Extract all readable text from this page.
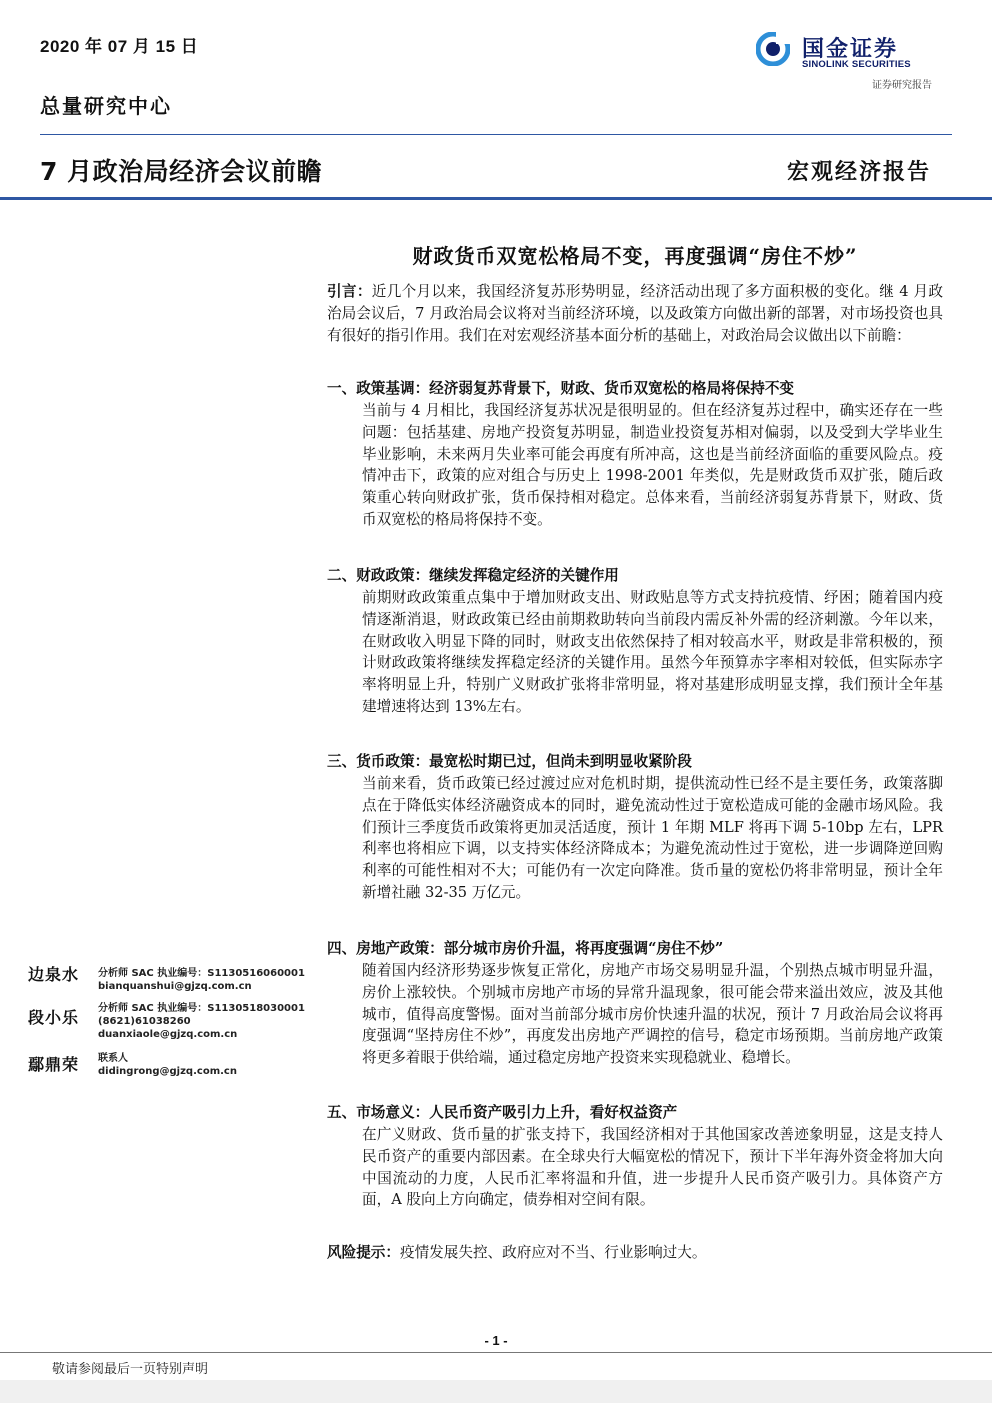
2020 年 07 月 15 日
总量研究中心
国金证券
SINOLINK SECURITIES
证券研究报告
7 月政治局经济会议前瞻	宏观经济报告
财政货币双宽松格局不变，再度强调“房住不炒”
引言：近几个月以来，我国经济复苏形势明显，经济活动出现了多方面积极的变化。继 4 月政治局会议后，7 月政治局会议将对当前经济环境，以及政策方向做出新的部署，对市场投资也具有很好的指引作用。我们在对宏观经济基本面分析的基础上，对政治局会议做出以下前瞻：
一、政策基调：经济弱复苏背景下，财政、货币双宽松的格局将保持不变
当前与 4 月相比，我国经济复苏状况是很明显的。但在经济复苏过程中，确实还存在一些问题：包括基建、房地产投资复苏明显，制造业投资复苏相对偏弱，以及受到大学毕业生毕业影响，未来两月失业率可能会再度有所冲高，这也是当前经济面临的重要风险点。疫情冲击下，政策的应对组合与历史上 1998-2001 年类似，先是财政货币双扩张，随后政策重心转向财政扩张，货币保持相对稳定。总体来看，当前经济弱复苏背景下，财政、货币双宽松的格局将保持不变。
二、财政政策：继续发挥稳定经济的关键作用
前期财政政策重点集中于增加财政支出、财政贴息等方式支持抗疫情、纾困；随着国内疫情逐渐消退，财政政策已经由前期救助转向当前段内需反补外需的经济刺激。今年以来，在财政收入明显下降的同时，财政支出依然保持了相对较高水平，财政是非常积极的，预计财政政策将继续发挥稳定经济的关键作用。虽然今年预算赤字率相对较低，但实际赤字率将明显上升，特别广义财政扩张将非常明显，将对基建形成明显支撑，我们预计全年基建增速将达到 13%左右。
三、货币政策：最宽松时期已过，但尚未到明显收紧阶段
当前来看，货币政策已经过渡过应对危机时期，提供流动性已经不是主要任务，政策落脚点在于降低实体经济融资成本的同时，避免流动性过于宽松造成可能的金融市场风险。我们预计三季度货币政策将更加灵活适度，预计 1 年期 MLF 将再下调 5-10bp 左右，LPR 利率也将相应下调，以支持实体经济降成本；为避免流动性过于宽松，进一步调降逆回购利率的可能性相对不大；可能仍有一次定向降准。货币量的宽松仍将非常明显，预计全年新增社融 32-35 万亿元。
四、房地产政策：部分城市房价升温，将再度强调“房住不炒”
随着国内经济形势逐步恢复正常化，房地产市场交易明显升温，个别热点城市明显升温，房价上涨较快。个别城市房地产市场的异常升温现象，很可能会带来溢出效应，波及其他城市，值得高度警惕。面对当前部分城市房价快速升温的状况，预计 7 月政治局会议将再度强调“坚持房住不炒”，再度发出房地产严调控的信号，稳定市场预期。当前房地产政策将更多着眼于供给端，通过稳定房地产投资来实现稳就业、稳增长。
五、市场意义：人民币资产吸引力上升，看好权益资产
在广义财政、货币量的扩张支持下，我国经济相对于其他国家改善迹象明显，这是支持人民币资产的重要内部因素。在全球央行大幅宽松的情况下，预计下半年海外资金将加大向中国流动的力度，人民币汇率将温和升值，进一步提升人民币资产吸引力。具体资产方面，A 股向上方向确定，债券相对空间有限。
风险提示：疫情发展失控、政府应对不当、行业影响过大。
边泉水 分析师 SAC 执业编号：S1130516060001
bianquanshui@gjzq.com.cn
段小乐 分析师 SAC 执业编号：S1130518030001
(8621)61038260
duanxiaole@gjzq.com.cn
鄢鼎荣 联系人
didingrong@gjzq.com.cn
- 1 -
敬请参阅最后一页特别声明
